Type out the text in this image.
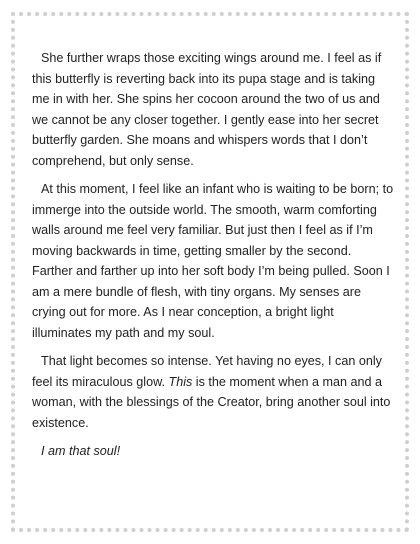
She further wraps those exciting wings around me. I feel as if this butterfly is reverting back into its pupa stage and is taking me in with her. She spins her cocoon around the two of us and we cannot be any closer together. I gently ease into her secret butterfly garden. She moans and whispers words that I don’t comprehend, but only sense.

At this moment, I feel like an infant who is waiting to be born; to immerge into the outside world. The smooth, warm comforting walls around me feel very familiar. But just then I feel as if I’m moving backwards in time, getting smaller by the second. Farther and farther up into her soft body I’m being pulled. Soon I am a mere bundle of flesh, with tiny organs. My senses are crying out for more. As I near conception, a bright light illuminates my path and my soul.

That light becomes so intense. Yet having no eyes, I can only feel its miraculous glow. This is the moment when a man and a woman, with the blessings of the Creator, bring another soul into existence.

I am that soul!
